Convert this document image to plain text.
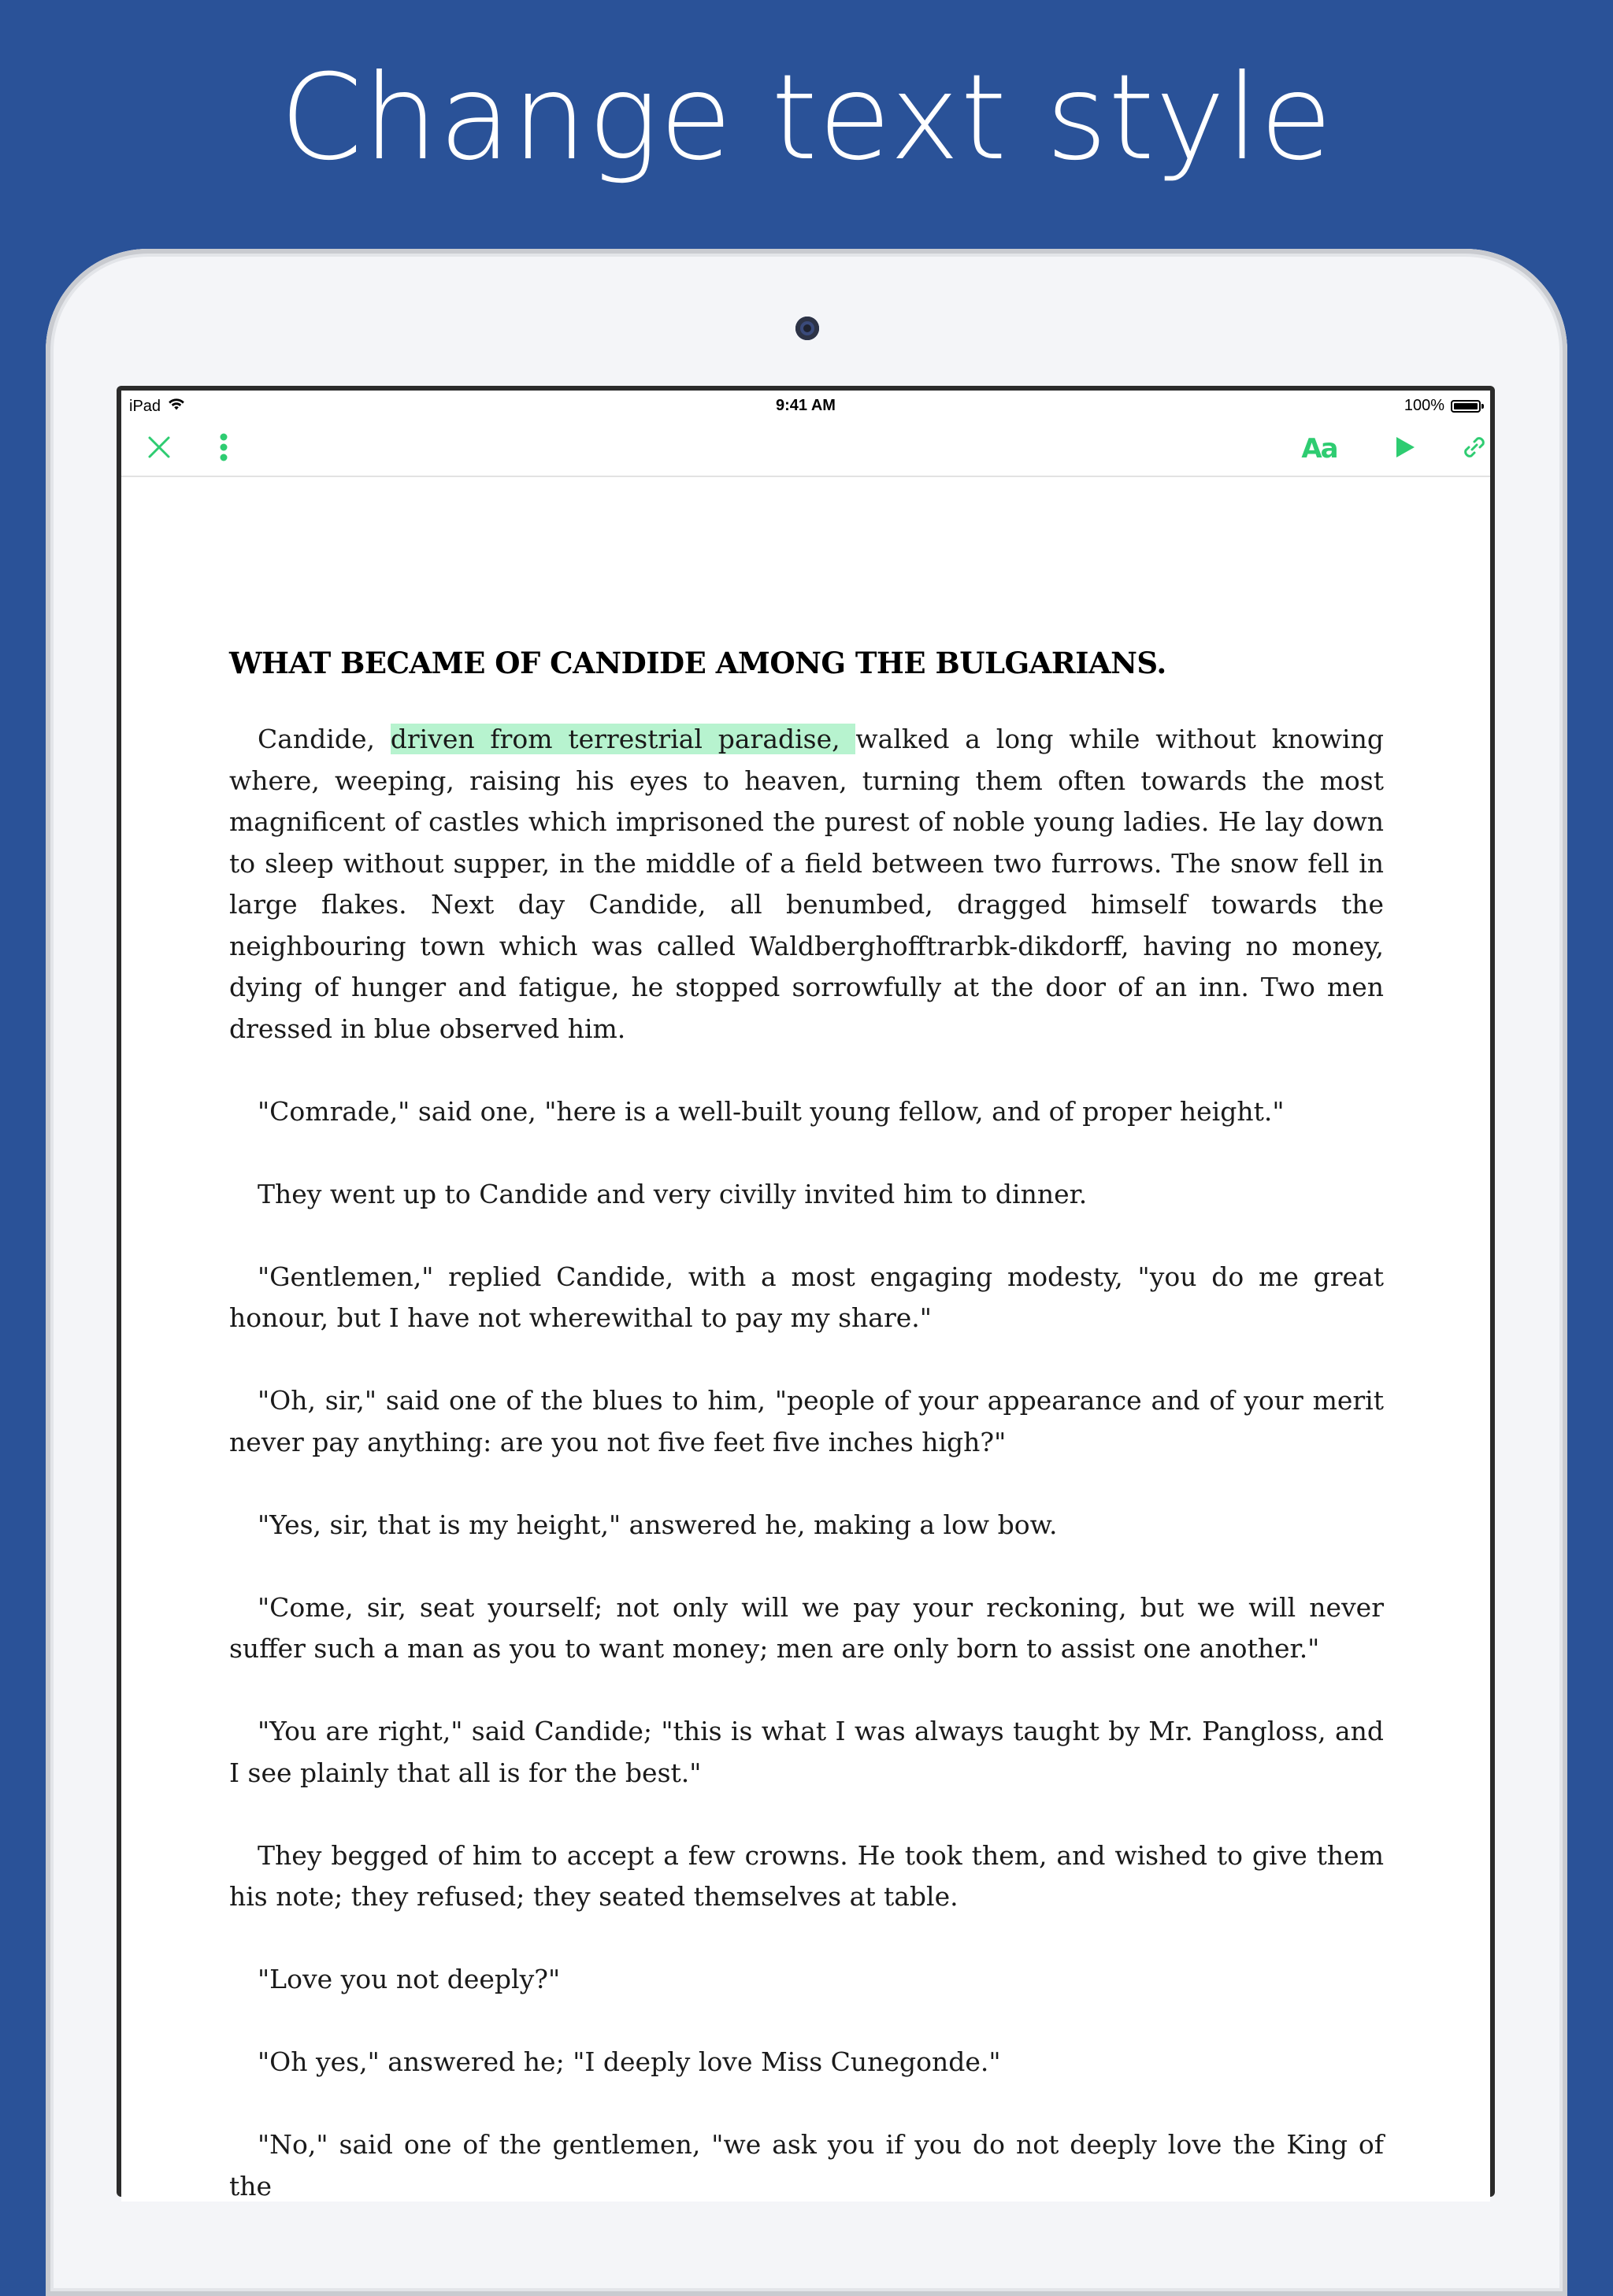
Change text style
iPad	9:41 AM	100%
Aa
WHAT BECAME OF CANDIDE AMONG THE BULGARIANS.

Candide, driven from terrestrial paradise, walked a long while without knowing where, weeping, raising his eyes to heaven, turning them often towards the most magnificent of castles which imprisoned the purest of noble young ladies. He lay down to sleep without supper, in the middle of a field between two furrows. The snow fell in large flakes. Next day Candide, all benumbed, dragged himself towards the neighbouring town which was called Waldberghofftrarbk-dikdorff, having no money, dying of hunger and fatigue, he stopped sorrowfully at the door of an inn. Two men dressed in blue observed him.

"Comrade," said one, "here is a well-built young fellow, and of proper height."

They went up to Candide and very civilly invited him to dinner.

"Gentlemen," replied Candide, with a most engaging modesty, "you do me great honour, but I have not wherewithal to pay my share."

"Oh, sir," said one of the blues to him, "people of your appearance and of your merit never pay anything: are you not five feet five inches high?"

"Yes, sir, that is my height," answered he, making a low bow.

"Come, sir, seat yourself; not only will we pay your reckoning, but we will never suffer such a man as you to want money; men are only born to assist one another."

"You are right," said Candide; "this is what I was always taught by Mr. Pangloss, and I see plainly that all is for the best."

They begged of him to accept a few crowns. He took them, and wished to give them his note; they refused; they seated themselves at table.

"Love you not deeply?"

"Oh yes," answered he; "I deeply love Miss Cunegonde."

"No," said one of the gentlemen, "we ask you if you do not deeply love the King of the
